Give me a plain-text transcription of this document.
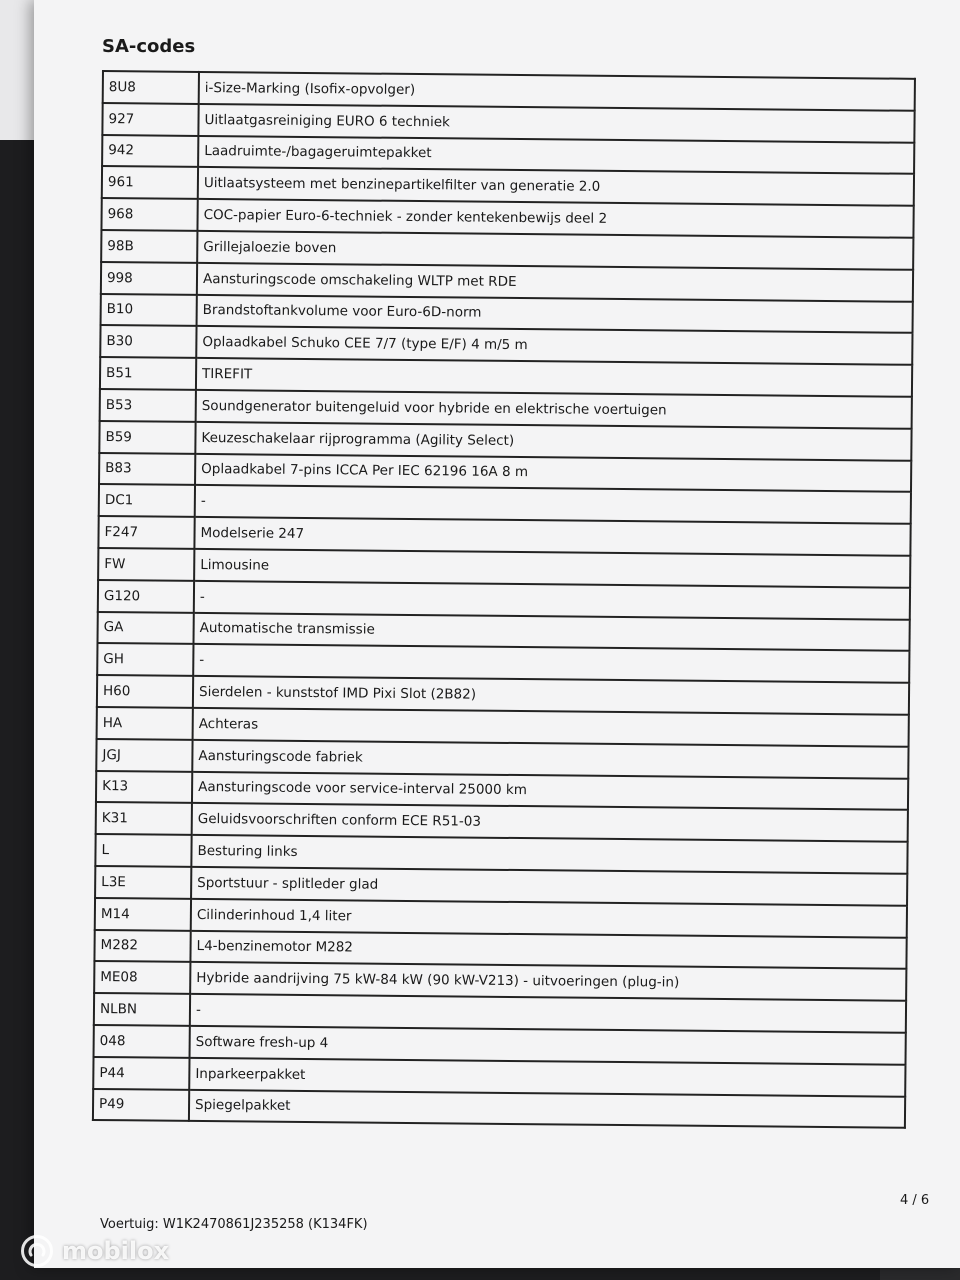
SA-codes
8U8	i-Size-Marking (Isofix-opvolger)
927	Uitlaatgasreiniging EURO 6 techniek
942	Laadruimte-/bagageruimtepakket
961	Uitlaatsysteem met benzinepartikelfilter van generatie 2.0
968	COC-papier Euro-6-techniek - zonder kentekenbewijs deel 2
98B	Grillejaloezie boven
998	Aansturingscode omschakeling WLTP met RDE
B10	Brandstoftankvolume voor Euro-6D-norm
B30	Oplaadkabel Schuko CEE 7/7 (type E/F) 4 m/5 m
B51	TIREFIT
B53	Soundgenerator buitengeluid voor hybride en elektrische voertuigen
B59	Keuzeschakelaar rijprogramma (Agility Select)
B83	Oplaadkabel 7-pins ICCA Per IEC 62196 16A 8 m
DC1	-
F247	Modelserie 247
FW	Limousine
G120	-
GA	Automatische transmissie
GH	-
H60	Sierdelen - kunststof IMD Pixi Slot (2B82)
HA	Achteras
JGJ	Aansturingscode fabriek
K13	Aansturingscode voor service-interval 25000 km
K31	Geluidsvoorschriften conform ECE R51-03
L	Besturing links
L3E	Sportstuur - splitleder glad
M14	Cilinderinhoud 1,4 liter
M282	L4-benzinemotor M282
ME08	Hybride aandrijving 75 kW-84 kW (90 kW-V213) - uitvoeringen (plug-in)
NLBN	-
048	Software fresh-up 4
P44	Inparkeerpakket
P49	Spiegelpakket
4 / 6
Voertuig: W1K2470861J235258 (K134FK)
mobilox
